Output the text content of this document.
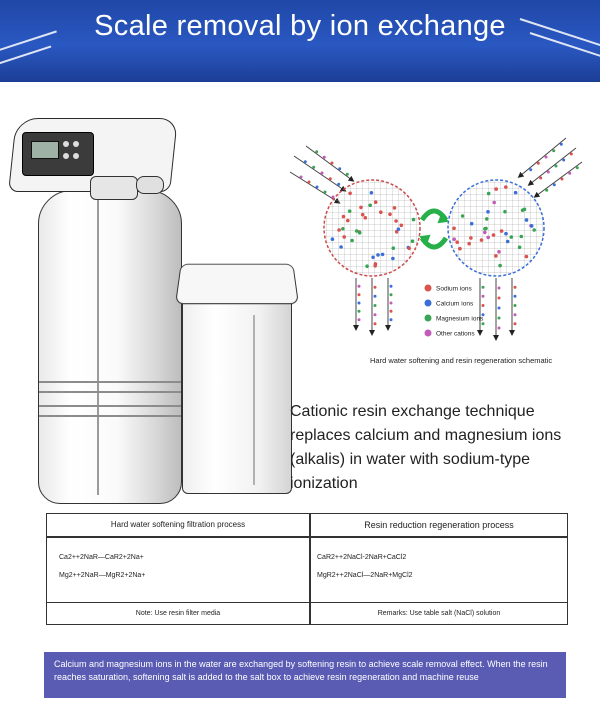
Scale removal by ion exchange
Sodium ions
Calcium ions
Magnesium ions
Other cations
Hard water softening and resin regeneration schematic
Cationic resin exchange technique replaces calcium and magnesium ions (alkalis) in water with sodium-type ionization
Hard water softening filtration process	Resin reduction regeneration process
Ca2++2NaR—CaR2+2Na+
Mg2++2NaR—MgR2+2Na+
CaR2++2NaCl-2NaR+CaCl2
MgR2++2NaCl—2NaR+MgCl2
Note: Use resin filter media	Remarks: Use table salt (NaCl) solution
Calcium and magnesium ions in the water are exchanged by softening resin to achieve scale removal effect. When the resin reaches saturation, softening salt is added to the salt box to achieve resin regeneration and machine reuse
